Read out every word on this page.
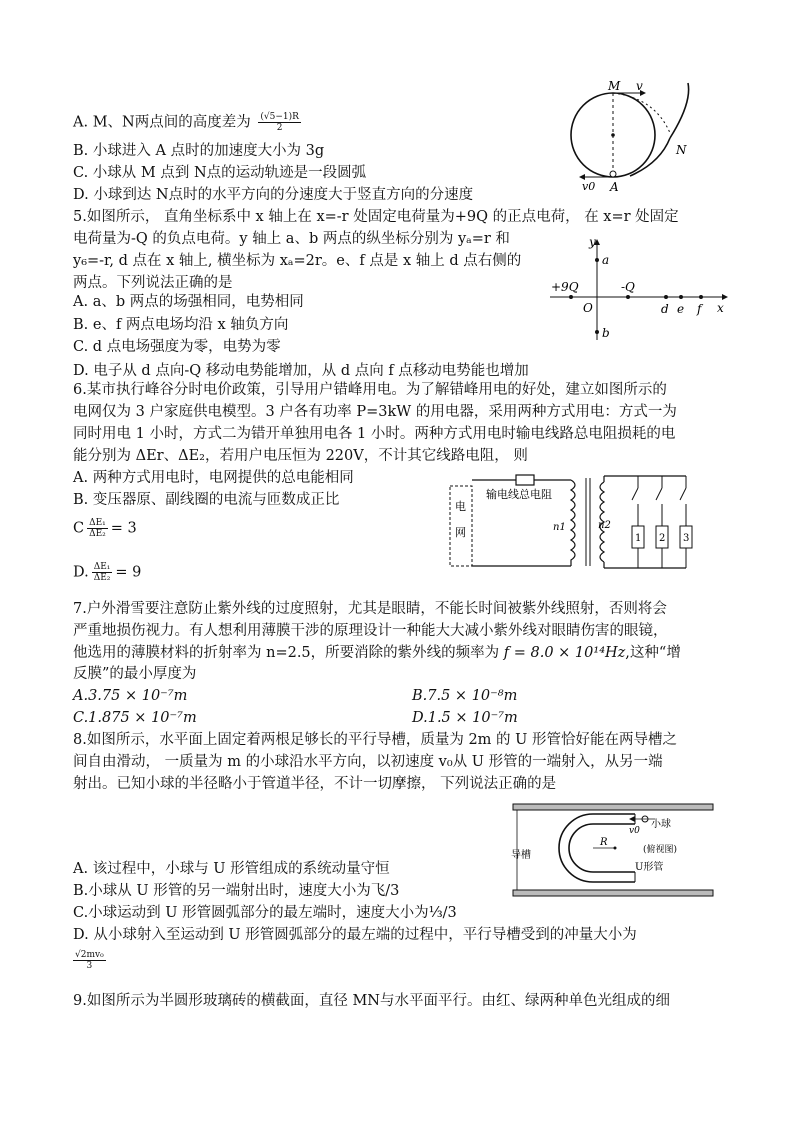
A. M、N两点间的高度差为 $\frac{(√5-1)R}{2}$
B. 小球进入 A 点时的加速度大小为 3g
C. 小球从 M 点到 N点的运动轨迹是一段圆弧
D. 小球到达 N点时的水平方向的分速度大于竖直方向的分速度
M v
N
v0 A
5.如图所示， 直角坐标系中 x 轴上在 x=-r 处固定电荷量为+9Q 的正点电荷， 在 x=r 处固定
电荷量为-Q 的负点电荷。y 轴上 a、b 两点的纵坐标分别为 yₐ=r 和
y₆=-r, d 点在 x 轴上, 横坐标为 xₐ=2r。e、f 点是 x 轴上 d 点右侧的
两点。下列说法正确的是
A. a、b 两点的场强相同，电势相同
B. e、f 两点电场均沿 x 轴负方向
C. d 点电场强度为零，电势为零
D. 电子从 d 点向-Q 移动电势能增加，从 d 点向 f 点移动电势能也增加
y
a
+9Q	-Q
O	d e f x
b
6.某市执行峰谷分时电价政策，引导用户错峰用电。为了解错峰用电的好处，建立如图所示的
电网仅为 3 户家庭供电模型。3 户各有功率 P=3kW 的用电器，采用两种方式用电：方式一为
同时用电 1 小时，方式二为错开单独用电各 1 小时。两种方式用电时输电线路总电阻损耗的电
能分别为 ΔEr、ΔE₂，若用户电压恒为 220V，不计其它线路电阻， 则
A. 两种方式用电时，电网提供的总电能相同
B. 变压器原、副线圈的电流与匝数成正比
C $\frac{\text{ΔE₁}}{\text{ΔE₂}} = 3$
D. $\frac{\text{ΔE₁}}{\text{ΔE₂}} = 9$
电
网
输电线总电阻
n1	n2
1 2 3
7.户外滑雪要注意防止紫外线的过度照射，尤其是眼睛，不能长时间被紫外线照射，否则将会
严重地损伤视力。有人想利用薄膜干涉的原理设计一种能大大减小紫外线对眼睛伤害的眼镜，
他选用的薄膜材料的折射率为 n=2.5，所要消除的紫外线的频率为 f = 8.0 × 10¹⁴Hz,这种“增
反膜”的最小厚度为
A.3.75 × 10⁻⁷m	B.7.5 × 10⁻⁸m
C.1.875 × 10⁻⁷m	D.1.5 × 10⁻⁷m
8.如图所示，水平面上固定着两根足够长的平行导槽，质量为 2m 的 U 形管恰好能在两导槽之
间自由滑动， 一质量为 m 的小球沿水平方向，以初速度 v₀从 U 形管的一端射入，从另一端
射出。已知小球的半径略小于管道半径，不计一切摩擦， 下列说法正确的是
小球
v0
导槽
R
(俯视图)
U形管
A. 该过程中，小球与 U 形管组成的系统动量守恒
B.小球从 U 形管的另一端射出时，速度大小为飞/3
C.小球运动到 U 形管圆弧部分的最左端时，速度大小为⅓/3
D. 从小球射入至运动到 U 形管圆弧部分的最左端的过程中，平行导槽受到的冲量大小为
$\frac{\text{√2mv₀}}{3}$
9.如图所示为半圆形玻璃砖的横截面，直径 MN与水平面平行。由红、绿两种单色光组成的细
